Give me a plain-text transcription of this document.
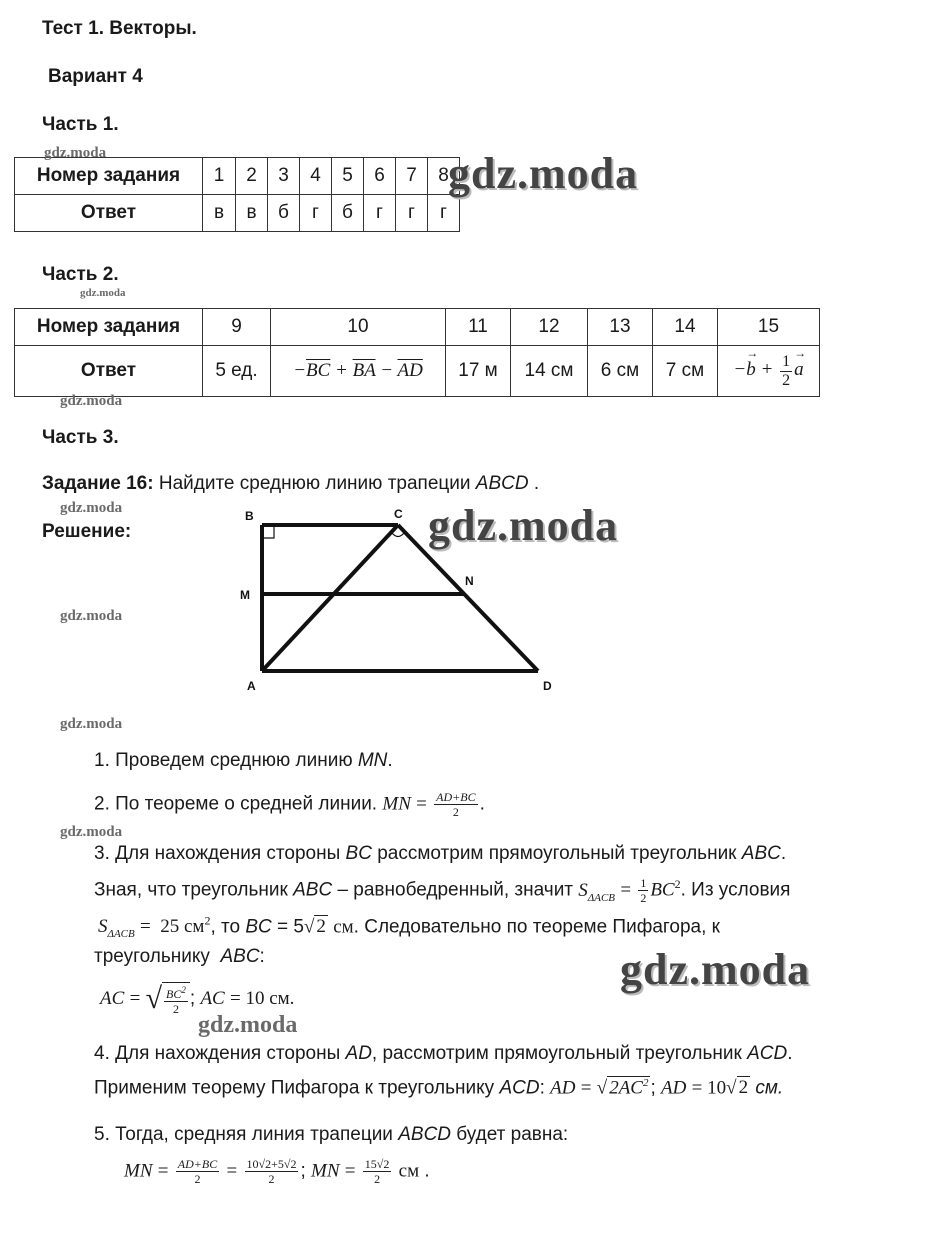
Тест 1. Векторы.
Вариант 4
Часть 1.
Номер задания	1	2	3	4	5	6	7	8
Ответ	в	в	б	г	б	г	г	г
Часть 2.
Номер задания	9	10	11	12	13	14	15
Ответ	5 ед.	$-\overline{BC} + \overline{BA} - \overline{AD}$	17 м	14 см	6 см	7 см	−→ $b + \frac{1}{2} \to a$
Часть 3.
Задание 16: Найдите среднюю линию трапеции ABCD .
Решение:
B	C
M
N
A	D
1. Проведем среднюю линию MN.
2. По теореме о средней линии. MN = $\frac{AD+BC}{2}$ .
3. Для нахождения стороны BC рассмотрим прямоугольный треугольник ABC.
Зная, что треугольник ABC – равнобедренный, значит $S_{\Delta ACB} = \frac{1}{2} BC^2$. Из условия
$S_{\Delta ACB} = 25$ $см^2$, то BC = 5√ 2 см. Следовательно по теореме Пифагора, к
треугольнику ABC:
AC = √ $\frac{BC^2}{2}$ ; AC = 10 см.
4. Для нахождения стороны AD, рассмотрим прямоугольный треугольник ACD.
Применим теорему Пифагора к треугольнику ACD: AD = √ $2AC^2$ ; AD = 10√ 2 см.
5. Тогда, средняя линия трапеции ABCD будет равна:
MN = $\frac{AD+BC}{2} = \frac{10√2+5√2}{2}$ ; MN = $\frac{15√2}{2}$ см .
gdz.moda	gdz.moda
gdz.moda
gdz.moda
gdz.moda	gdz.moda
gdz.moda
gdz.moda
gdz.moda
gdz.moda
gdz.moda
